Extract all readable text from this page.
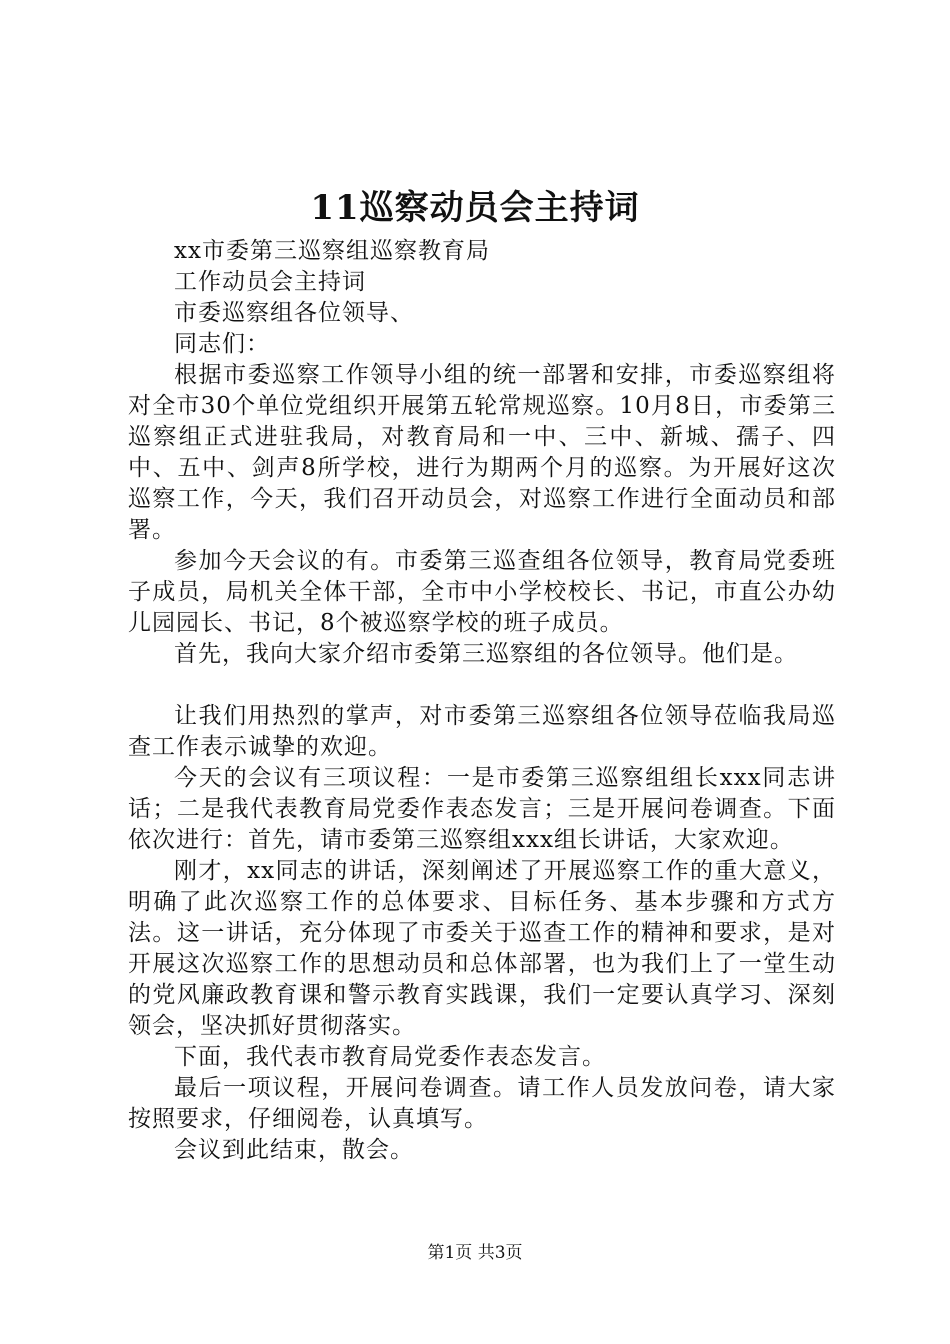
11巡察动员会主持词

xx市委第三巡察组巡察教育局

工作动员会主持词

市委巡察组各位领导、

同志们：

根据市委巡察工作领导小组的统一部署和安排，市委巡察组将对全市30个单位党组织开展第五轮常规巡察。10月8日，市委第三巡察组正式进驻我局，对教育局和一中、三中、新城、孺子、四中、五中、剑声8所学校，进行为期两个月的巡察。为开展好这次巡察工作，今天，我们召开动员会，对巡察工作进行全面动员和部署。

参加今天会议的有。市委第三巡查组各位领导，教育局党委班子成员，局机关全体干部，全市中小学校校长、书记，市直公办幼儿园园长、书记，8个被巡察学校的班子成员。

首先，我向大家介绍市委第三巡察组的各位领导。他们是。

让我们用热烈的掌声，对市委第三巡察组各位领导莅临我局巡查工作表示诚挚的欢迎。

今天的会议有三项议程：一是市委第三巡察组组长xxx同志讲话；二是我代表教育局党委作表态发言；三是开展问卷调查。下面依次进行：首先，请市委第三巡察组xxx组长讲话，大家欢迎。

刚才，xx同志的讲话，深刻阐述了开展巡察工作的重大意义，明确了此次巡察工作的总体要求、目标任务、基本步骤和方式方法。这一讲话，充分体现了市委关于巡查工作的精神和要求，是对开展这次巡察工作的思想动员和总体部署，也为我们上了一堂生动的党风廉政教育课和警示教育实践课，我们一定要认真学习、深刻领会，坚决抓好贯彻落实。

下面，我代表市教育局党委作表态发言。

最后一项议程，开展问卷调查。请工作人员发放问卷，请大家按照要求，仔细阅卷，认真填写。

会议到此结束，散会。

第1页 共3页
